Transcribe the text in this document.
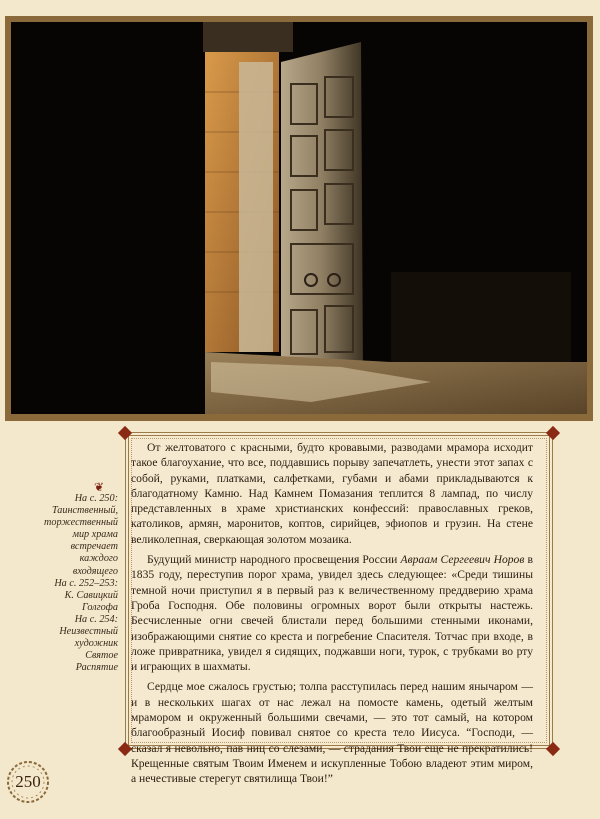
❦
На с. 250:
Таинственный,
торжественный
мир храма
встречает
каждого
входящего
На с. 252–253:
К. Савицкий
Голгофа
На с. 254:
Неизвестный
художник
Святое
Распятие

От желтоватого с красными, будто кровавыми, разводами мрамора исходит такое благоухание, что все, поддавшись порыву запечатлеть, унести этот запах с собой, руками, платками, салфетками, губами и абами прикладываются к благодатному Камню. Над Камнем Помазания теплится 8 лампад, по числу представленных в храме христианских конфессий: православных греков, католиков, армян, маронитов, коптов, сирийцев, эфиопов и грузин. На стене великолепная, сверкающая золотом мозаика.

Будущий министр народного просвещения России Авраам Сергеевич Норов в 1835 году, переступив порог храма, увидел здесь следующее: «Среди тишины темной ночи приступил я в первый раз к величественному преддверию храма Гроба Господня. Обе половины огромных ворот были открыты настежь. Бесчисленные огни свечей блистали перед большими стенными иконами, изображающими снятие со креста и погребение Спасителя. Тотчас при входе, в ложе привратника, увидел я сидящих, поджавши ноги, турок, с трубками во рту и играющих в шахматы.

Сердце мое сжалось грустью; толпа расступилась перед нашим янычаром — и в нескольких шагах от нас лежал на помосте камень, одетый желтым мрамором и окруженный большими свечами, — это тот самый, на котором благообразный Иосиф повивал снятое со креста тело Иисуса. “Господи, — сказал я невольно, пав ниц со слезами, — страдания Твои еще не прекратились! Крещенные святым Твоим Именем и искупленные Тобою владеют этим миром, а нечестивые стерегут святилища Твои!”

250
